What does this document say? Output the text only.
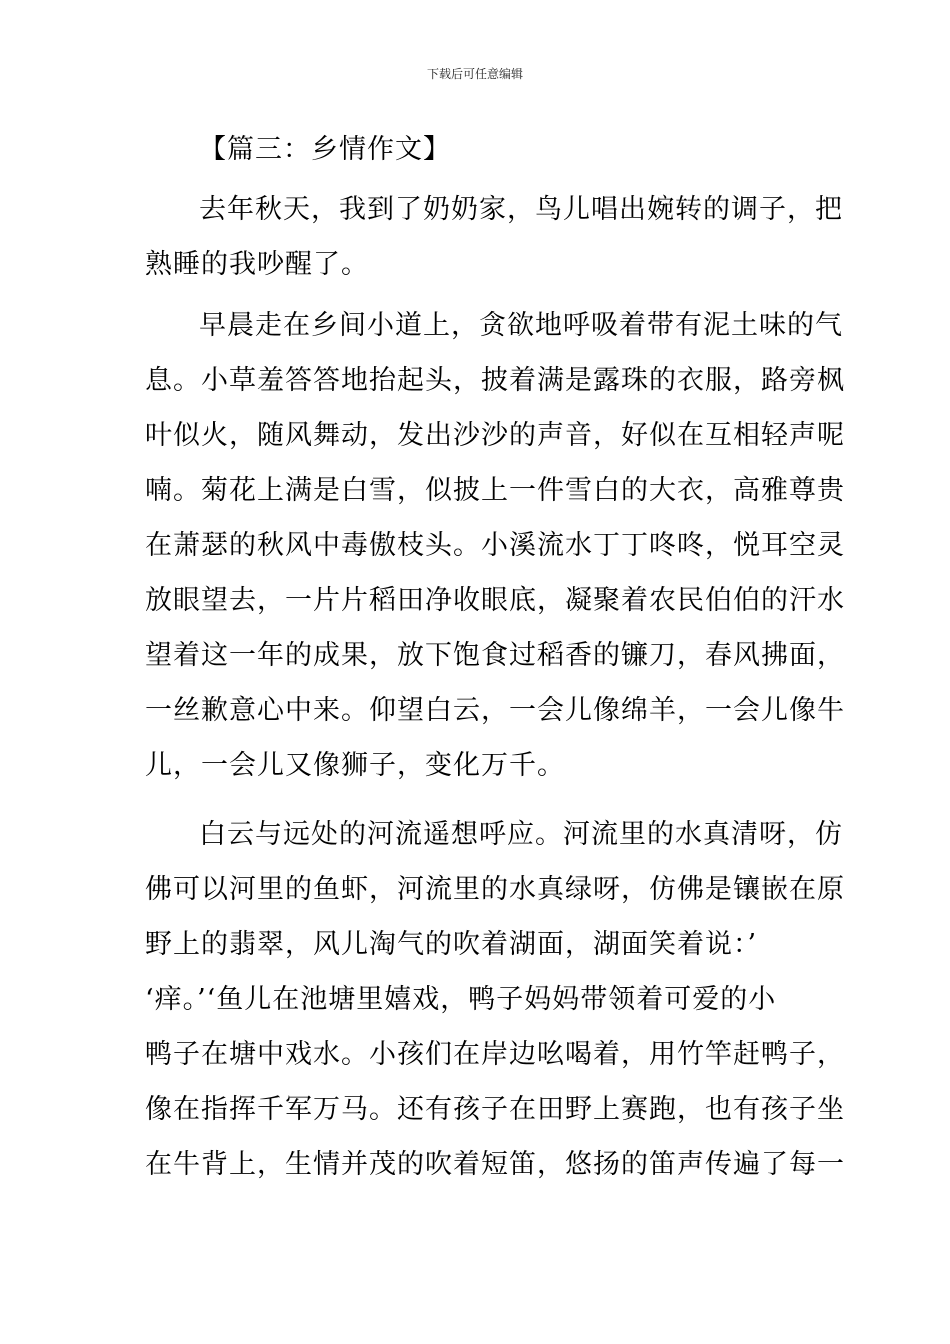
下载后可任意编辑
【篇三：乡情作文】
去年秋天，我到了奶奶家，鸟儿唱出婉转的调子，把
熟睡的我吵醒了。
早晨走在乡间小道上，贪欲地呼吸着带有泥土味的气
息。小草羞答答地抬起头，披着满是露珠的衣服，路旁枫
叶似火，随风舞动，发出沙沙的声音，好似在互相轻声呢
喃。菊花上满是白雪，似披上一件雪白的大衣，高雅尊贵
在萧瑟的秋风中毒傲枝头。小溪流水丁丁咚咚，悦耳空灵
放眼望去，一片片稻田净收眼底，凝聚着农民伯伯的汗水
望着这一年的成果，放下饱食过稻香的镰刀，春风拂面，
一丝歉意心中来。仰望白云，一会儿像绵羊，一会儿像牛
儿，一会儿又像狮子，变化万千。
白云与远处的河流遥想呼应。河流里的水真清呀，仿
佛可以河里的鱼虾，河流里的水真绿呀，仿佛是镶嵌在原
野上的翡翠，风儿淘气的吹着湖面，湖面笑着说：’
‘痒。’‘鱼儿在池塘里嬉戏，鸭子妈妈带领着可爱的小
鸭子在塘中戏水。小孩们在岸边吆喝着，用竹竿赶鸭子，
像在指挥千军万马。还有孩子在田野上赛跑，也有孩子坐
在牛背上，生情并茂的吹着短笛，悠扬的笛声传遍了每一
